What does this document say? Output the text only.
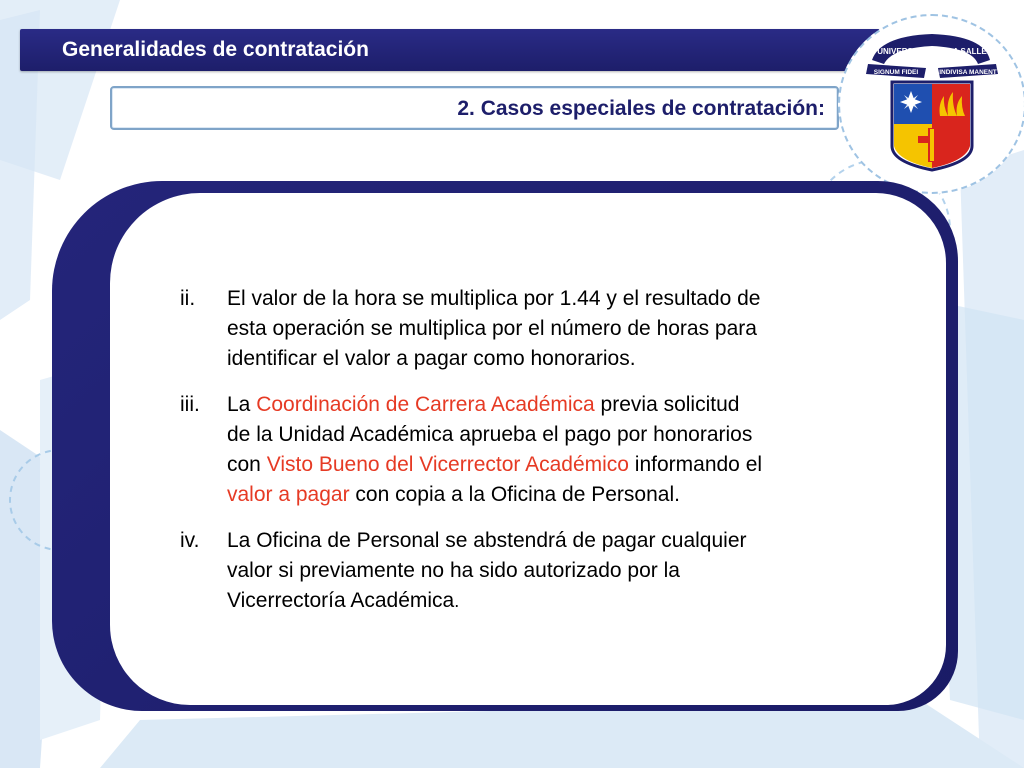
Generalidades de contratación
2. Casos especiales de contratación:
UNIVERSIDAD DE LA SALLE
SIGNUM FIDEI	INDIVISA MANENT
ii.	El valor de la hora se multiplica por 1.44 y el resultado de
esta operación se multiplica por el número de horas para
identificar el valor a pagar como honorarios.
iii.	La Coordinación de Carrera Académica previa solicitud
de la Unidad Académica aprueba el pago por honorarios
con Visto Bueno del Vicerrector Académico informando el
valor a pagar con copia a la Oficina de Personal.
iv.	La Oficina de Personal se abstendrá de pagar cualquier
valor si previamente no ha sido autorizado por la
Vicerrectoría Académica.
